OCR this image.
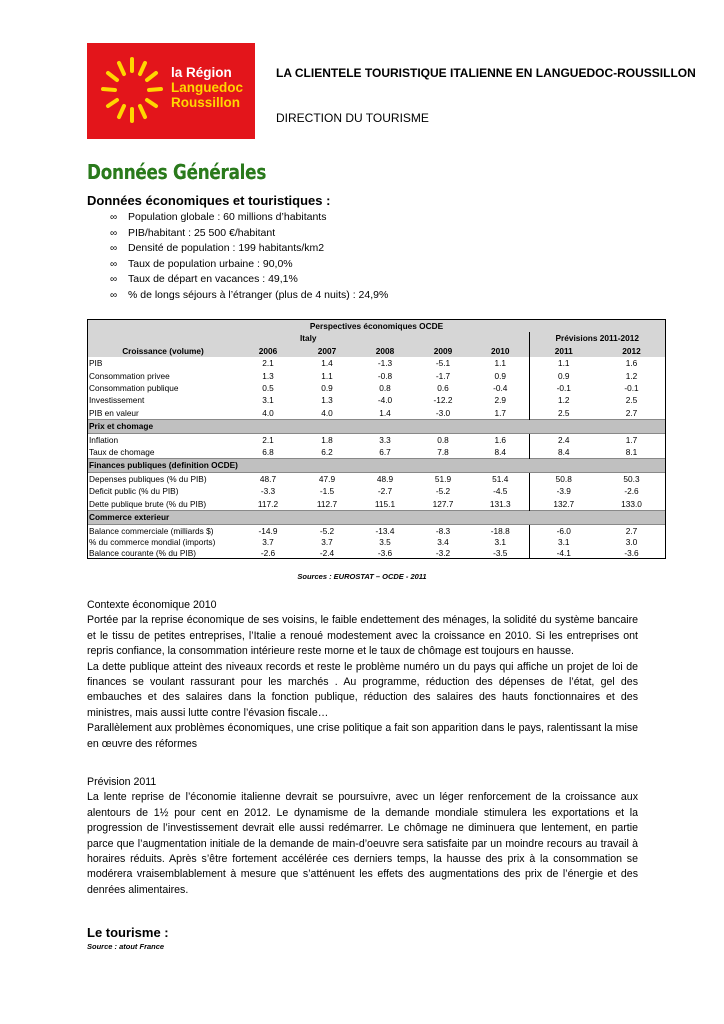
la Région
Languedoc
Roussillon
LA CLIENTELE TOURISTIQUE ITALIENNE EN LANGUEDOC-ROUSSILLON
DIRECTION DU TOURISME
Données Générales
Données économiques et touristiques :
∞ Population globale : 60 millions d’habitants
∞ PIB/habitant : 25 500 €/habitant
∞ Densité de population : 199 habitants/km2
∞ Taux de population urbaine : 90,0%
∞ Taux de départ en vacances : 49,1%
∞ % de longs séjours à l’étranger (plus de 4 nuits) : 24,9%
Perspectives économiques OCDE							
Italy						Prévisions 2011-2012	
Croissance (volume)	2006	2007	2008	2009	2010	2011	2012
PIB	2.1	1.4	-1.3	-5.1	1.1	1.1	1.6
Consommation privee	1.3	1.1	-0.8	-1.7	0.9	0.9	1.2
Consommation publique	0.5	0.9	0.8	0.6	-0.4	-0.1	-0.1
Investissement	3.1	1.3	-4.0	-12.2	2.9	1.2	2.5
PIB en valeur	4.0	4.0	1.4	-3.0	1.7	2.5	2.7
Prix et chomage							
Inflation	2.1	1.8	3.3	0.8	1.6	2.4	1.7
Taux de chomage	6.8	6.2	6.7	7.8	8.4	8.4	8.1
Finances publiques (definition OCDE)							
Depenses publiques (% du PIB)	48.7	47.9	48.9	51.9	51.4	50.8	50.3
Deficit public (% du PIB)	-3.3	-1.5	-2.7	-5.2	-4.5	-3.9	-2.6
Dette publique brute (% du PIB)	117.2	112.7	115.1	127.7	131.3	132.7	133.0
Commerce exterieur							
Balance commerciale (milliards $)	-14.9	-5.2	-13.4	-8.3	-18.8	-6.0	2.7
% du commerce mondial (imports)	3.7	3.7	3.5	3.4	3.1	3.1	3.0
Balance courante (% du PIB)	-2.6	-2.4	-3.6	-3.2	-3.5	-4.1	-3.6
Sources : EUROSTAT – OCDE - 2011

Contexte économique 2010

Portée par la reprise économique de ses voisins, le faible endettement des ménages, la solidité du système bancaire et le tissu de petites entreprises, l’Italie a renoué modestement avec la croissance en 2010. Si les entreprises ont repris confiance, la consommation intérieure reste morne et le taux de chômage est toujours en hausse.

La dette publique atteint des niveaux records et reste le problème numéro un du pays qui affiche un projet de loi de finances se voulant rassurant pour les marchés . Au programme, réduction des dépenses de l’état, gel des embauches et des salaires dans la fonction publique, réduction des salaires des hauts fonctionnaires et des ministres, mais aussi lutte contre l’évasion fiscale…

Parallèlement aux problèmes économiques, une crise politique a fait son apparition dans le pays, ralentissant la mise en œuvre des réformes

Prévision 2011

La lente reprise de l’économie italienne devrait se poursuivre, avec un léger renforcement de la croissance aux alentours de 1½ pour cent en 2012. Le dynamisme de la demande mondiale stimulera les exportations et la progression de l’investissement devrait elle aussi redémarrer. Le chômage ne diminuera que lentement, en partie parce que l’augmentation initiale de la demande de main-d’oeuvre sera satisfaite par un moindre recours au travail à horaires réduits. Après s’être fortement accélérée ces derniers temps, la hausse des prix à la consommation se modérera vraisemblablement à mesure que s’atténuent les effets des augmentations des prix de l’énergie et des denrées alimentaires.

Le tourisme :
Source : atout France
